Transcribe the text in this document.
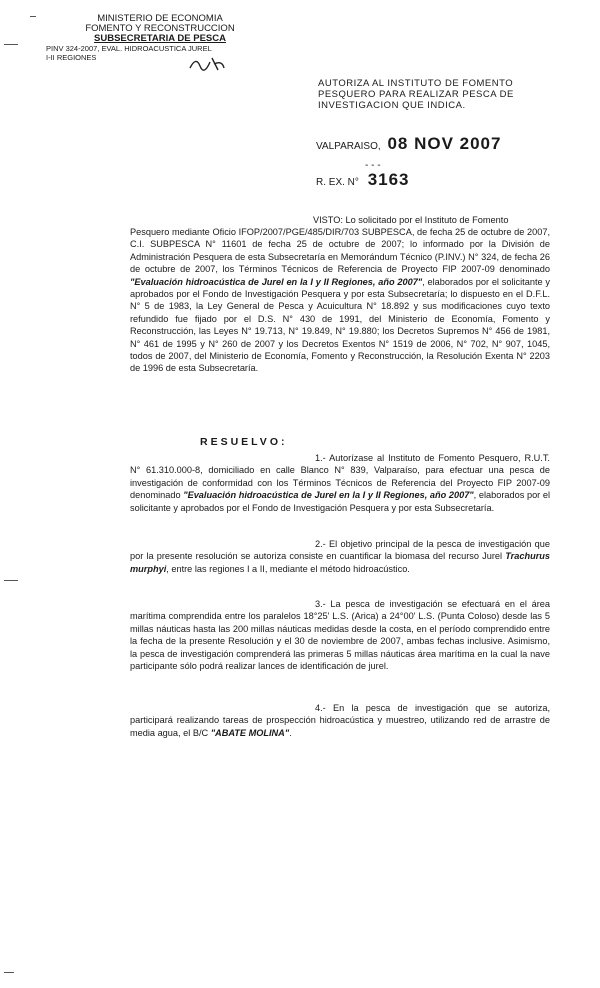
MINISTERIO DE ECONOMIA
FOMENTO Y RECONSTRUCCION
SUBSECRETARIA DE PESCA
PINV 324-2007, EVAL. HIDROACUSTICA JUREL
I-II REGIONES
AUTORIZA AL INSTITUTO DE FOMENTO PESQUERO PARA REALIZAR PESCA DE INVESTIGACION QUE INDICA.
VALPARAISO, 08 NOV 2007
- - -
R. EX. N° 3163
VISTO: Lo solicitado por el Instituto de Fomento
Pesquero mediante Oficio IFOP/2007/PGE/485/DIR/703 SUBPESCA, de fecha 25 de octubre de 2007, C.I. SUBPESCA N° 11601 de fecha 25 de octubre de 2007; lo informado por la División de Administración Pesquera de esta Subsecretaría en Memorándum Técnico (P.INV.) N° 324, de fecha 26 de octubre de 2007, los Términos Técnicos de Referencia de Proyecto FIP 2007-09 denominado "Evaluación hidroacústica de Jurel en la I y II Regiones, año 2007", elaborados por el solicitante y aprobados por el Fondo de Investigación Pesquera y por esta Subsecretaría; lo dispuesto en el D.F.L. N° 5 de 1983, la Ley General de Pesca y Acuicultura N° 18.892 y sus modificaciones cuyo texto refundido fue fijado por el D.S. N° 430 de 1991, del Ministerio de Economía, Fomento y Reconstrucción, las Leyes N° 19.713, N° 19.849, N° 19.880; los Decretos Supremos N° 456 de 1981, N° 461 de 1995 y N° 260 de 2007 y los Decretos Exentos N° 1519 de 2006, N° 702, N° 907, 1045, todos de 2007, del Ministerio de Economía, Fomento y Reconstrucción, la Resolución Exenta N° 2203 de 1996 de esta Subsecretaría.
RESUELVO:
1.- Autorízase al Instituto de Fomento Pesquero, R.U.T. N° 61.310.000-8, domiciliado en calle Blanco N° 839, Valparaíso, para efectuar una pesca de investigación de conformidad con los Términos Técnicos de Referencia del Proyecto FIP 2007-09 denominado "Evaluación hidroacústica de Jurel en la I y II Regiones, año 2007", elaborados por el solicitante y aprobados por el Fondo de Investigación Pesquera y por esta Subsecretaría.
2.- El objetivo principal de la pesca de investigación que por la presente resolución se autoriza consiste en cuantificar la biomasa del recurso Jurel Trachurus murphyi, entre las regiones I a II, mediante el método hidroacústico.
3.- La pesca de investigación se efectuará en el área marítima comprendida entre los paralelos 18°25' L.S. (Arica) a 24°00' L.S. (Punta Coloso) desde las 5 millas náuticas hasta las 200 millas náuticas medidas desde la costa, en el período comprendido entre la fecha de la presente Resolución y el 30 de noviembre de 2007, ambas fechas inclusive. Asimismo, la pesca de investigación comprenderá las primeras 5 millas náuticas área marítima en la cual la nave participante sólo podrá realizar lances de identificación de jurel.
4.- En la pesca de investigación que se autoriza, participará realizando tareas de prospección hidroacústica y muestreo, utilizando red de arrastre de media agua, el B/C "ABATE MOLINA".
